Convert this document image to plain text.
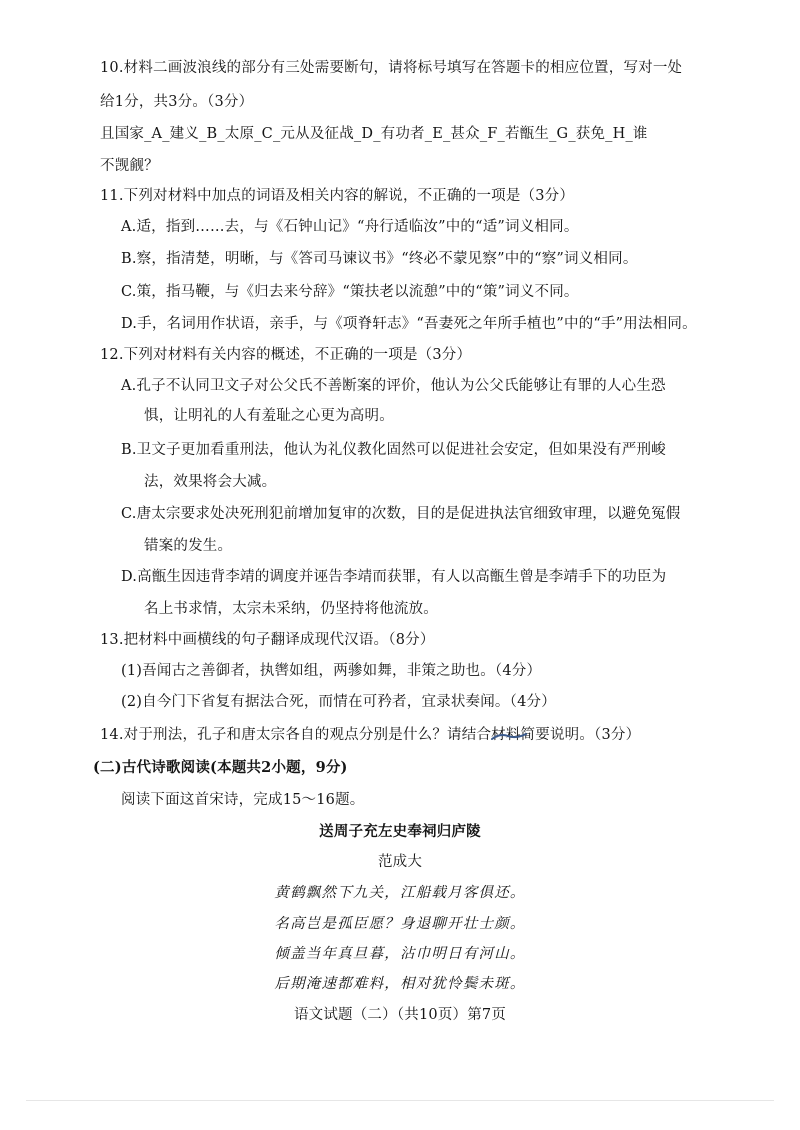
10.材料二画波浪线的部分有三处需要断句，请将标号填写在答题卡的相应位置，写对一处
给1分，共3分。（3分）
且国家_A_建义_B_太原_C_元从及征战_D_有功者_E_甚众_F_若甑生_G_获免_H_谁
不觊觎？
11.下列对材料中加点的词语及相关内容的解说，不正确的一项是（3分）
A.适，指到……去，与《石钟山记》“舟行适临汝”中的“适”词义相同。
B.察，指清楚，明晰，与《答司马谏议书》“终必不蒙见察”中的“察”词义相同。
C.策，指马鞭，与《归去来兮辞》“策扶老以流憩”中的“策”词义不同。
D.手，名词用作状语，亲手，与《项脊轩志》“吾妻死之年所手植也”中的“手”用法相同。
12.下列对材料有关内容的概述，不正确的一项是（3分）
A.孔子不认同卫文子对公父氏不善断案的评价，他认为公父氏能够让有罪的人心生恐
惧，让明礼的人有羞耻之心更为高明。
B.卫文子更加看重刑法，他认为礼仪教化固然可以促进社会安定，但如果没有严刑峻
法，效果将会大减。
C.唐太宗要求处决死刑犯前增加复审的次数，目的是促进执法官细致审理，以避免冤假
错案的发生。
D.高甑生因违背李靖的调度并诬告李靖而获罪，有人以高甑生曾是李靖手下的功臣为
名上书求情，太宗未采纳，仍坚持将他流放。
13.把材料中画横线的句子翻译成现代汉语。（8分）
(1)吾闻古之善御者，执辔如组，两骖如舞，非策之助也。（4分）
(2)自今门下省复有据法合死，而情在可矜者，宜录状奏闻。（4分）
14.对于刑法，孔子和唐太宗各自的观点分别是什么？请结合材料简要说明。（3分）
(二)古代诗歌阅读(本题共2小题，9分)
阅读下面这首宋诗，完成15～16题。
送周子充左史奉祠归庐陵
范成大
黄鹤飘然下九关，江船载月客俱还。
名高岂是孤臣愿？身退聊开壮士颜。
倾盖当年真旦暮，沾巾明日有河山。
后期淹速都难料，相对犹怜鬓未斑。
语文试题（二）（共10页）第7页
